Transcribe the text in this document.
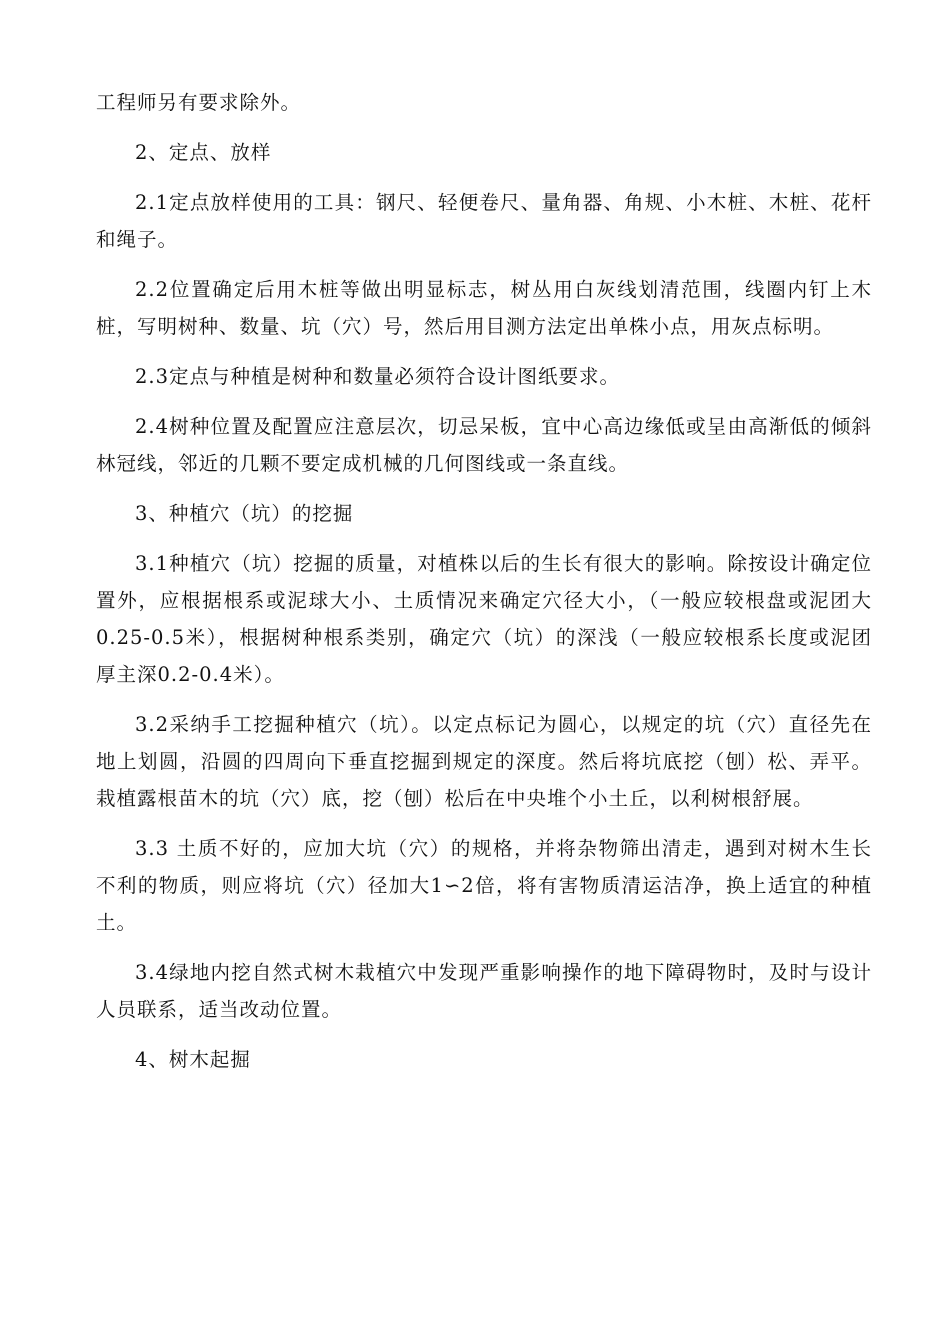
工程师另有要求除外。

2、定点、放样

2.1定点放样使用的工具：钢尺、轻便卷尺、量角器、角规、小木桩、木桩、花杆和绳子。

2.2位置确定后用木桩等做出明显标志，树丛用白灰线划清范围，线圈内钉上木桩，写明树种、数量、坑（穴）号，然后用目测方法定出单株小点，用灰点标明。

2.3定点与种植是树种和数量必须符合设计图纸要求。

2.4树种位置及配置应注意层次，切忌呆板，宜中心高边缘低或呈由高渐低的倾斜林冠线，邻近的几颗不要定成机械的几何图线或一条直线。

3、种植穴（坑）的挖掘

3.1种植穴（坑）挖掘的质量，对植株以后的生长有很大的影响。除按设计确定位置外，应根据根系或泥球大小、土质情况来确定穴径大小，（一般应较根盘或泥团大0.25-0.5米），根据树种根系类别，确定穴（坑）的深浅（一般应较根系长度或泥团厚主深0.2-0.4米）。

3.2采纳手工挖掘种植穴（坑）。以定点标记为圆心，以规定的坑（穴）直径先在地上划圆，沿圆的四周向下垂直挖掘到规定的深度。然后将坑底挖（刨）松、弄平。栽植露根苗木的坑（穴）底，挖（刨）松后在中央堆个小土丘，以利树根舒展。

3.3 土质不好的，应加大坑（穴）的规格，并将杂物筛出清走，遇到对树木生长不利的物质，则应将坑（穴）径加大1∽2倍，将有害物质清运洁净，换上适宜的种植土。

3.4绿地内挖自然式树木栽植穴中发现严重影响操作的地下障碍物时，及时与设计人员联系，适当改动位置。

4、树木起掘
